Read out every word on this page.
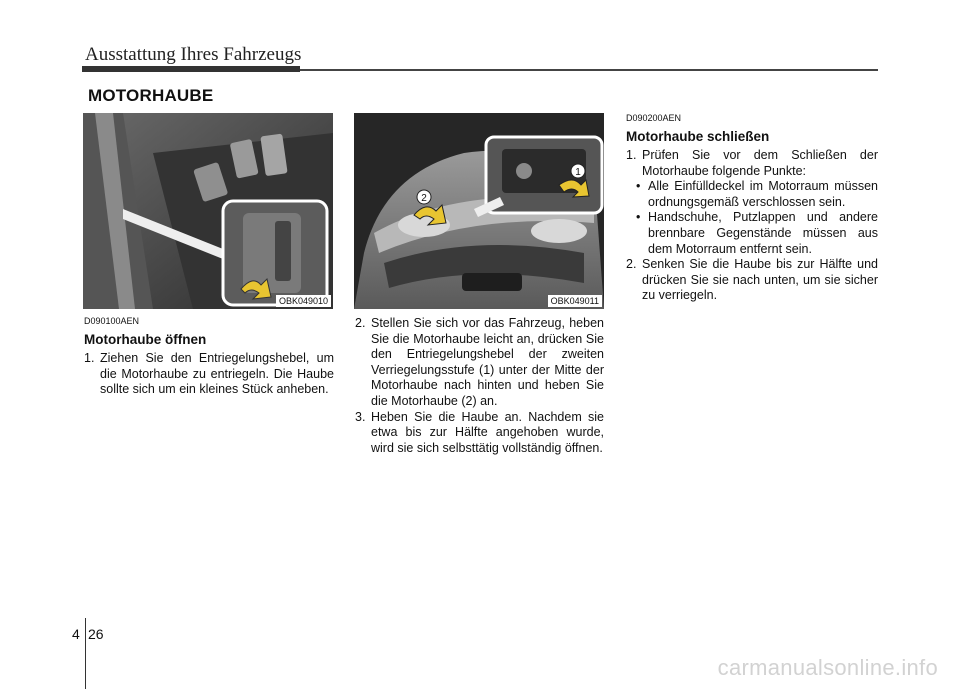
Ausstattung Ihres Fahrzeugs
MOTORHAUBE
OBK049010
1
2
OBK049011
D090100AEN
Motorhaube öffnen
1. Ziehen Sie den Entriegelungshebel, um die Motorhaube zu entriegeln. Die Haube sollte sich um ein kleines Stück anheben.
2. Stellen Sie sich vor das Fahrzeug, heben Sie die Motorhaube leicht an, drücken Sie den Entriegelungshebel der zweiten Verriegelungsstufe (1) unter der Mitte der Motorhaube nach hinten und heben Sie die Motorhaube (2) an.
3. Heben Sie die Haube an. Nachdem sie etwa bis zur Hälfte angehoben wurde, wird sie sich selbsttätig vollständig öffnen.
D090200AEN
Motorhaube schließen
1. Prüfen Sie vor dem Schließen der Motorhaube folgende Punkte:
• Alle Einfülldeckel im Motorraum müssen ordnungsgemäß verschlossen sein.
• Handschuhe, Putzlappen und andere brennbare Gegenstände müssen aus dem Motorraum entfernt sein.
2. Senken Sie die Haube bis zur Hälfte und drücken Sie sie nach unten, um sie sicher zu verriegeln.
4 26
carmanualsonline.info
